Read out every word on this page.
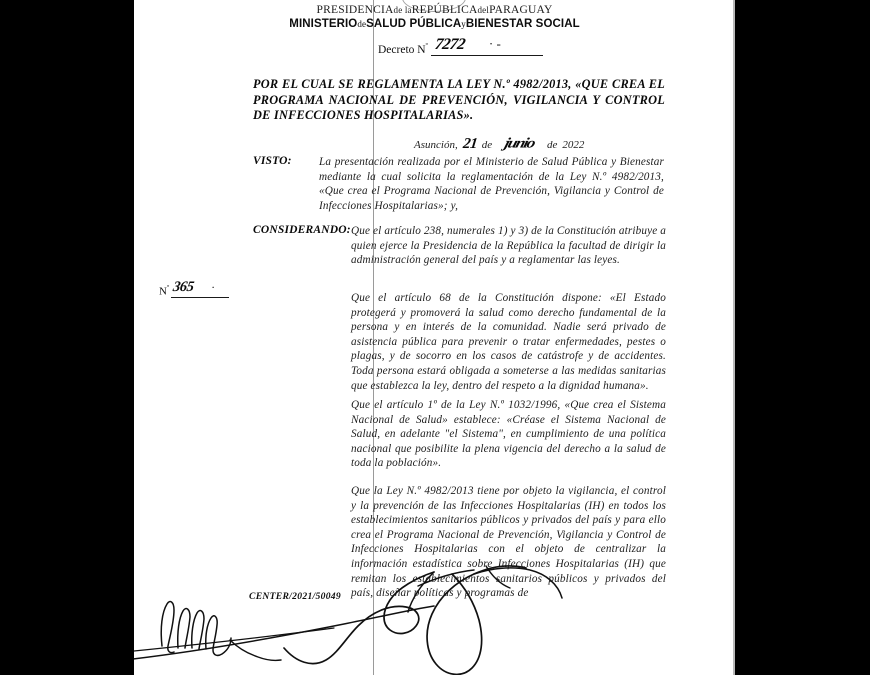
PRESIDENCIAde laREPÚBLICAdelPARAGUAY
MINISTERIOdeSALUD PÚBLICAyBIENESTAR SOCIAL
Decreto $N^º$ 7272 · -
POR EL CUAL SE REGLAMENTA LA LEY N.º 4982/2013, «QUE CREA EL PROGRAMA NACIONAL DE PREVENCIÓN, VIGILANCIA Y CONTROL DE INFECCIONES HOSPITALARIAS».
Asunción, 21 de junio de 2022
VISTO:	La presentación realizada por el Ministerio de Salud Pública y Bienestar mediante la cual solicita la reglamentación de la Ley N.º 4982/2013, «Que crea el Programa Nacional de Prevención, Vigilancia y Control de Infecciones Hospitalarias»; y,
CONSIDERANDO: Que el artículo 238, numerales 1) y 3) de la Constitución atribuye a quien ejerce la Presidencia de la República la facultad de dirigir la administración general del país y a reglamentar las leyes.
Que el artículo 68 de la Constitución dispone: «El Estado protegerá y promoverá la salud como derecho fundamental de la persona y en interés de la comunidad. Nadie será privado de asistencia pública para prevenir o tratar enfermedades, pestes o plagas, y de socorro en los casos de catástrofe y de accidentes. Toda persona estará obligada a someterse a las medidas sanitarias que establezca la ley, dentro del respeto a la dignidad humana».
Que el artículo 1º de la Ley N.º 1032/1996, «Que crea el Sistema Nacional de Salud» establece: «Créase el Sistema Nacional de Salud, en adelante "el Sistema", en cumplimiento de una política nacional que posibilite la plena vigencia del derecho a la salud de toda la población».
Que la Ley N.º 4982/2013 tiene por objeto la vigilancia, el control y la prevención de las Infecciones Hospitalarias (IH) en todos los establecimientos sanitarios públicos y privados del país y para ello crea el Programa Nacional de Prevención, Vigilancia y Control de Infecciones Hospitalarias con el objeto de centralizar la información estadística sobre Infecciones Hospitalarias (IH) que remitan los establecimientos sanitarios públicos y privados del país, diseñar políticas y programas de
$N^º$ 365 ·
CENTER/2021/50049
